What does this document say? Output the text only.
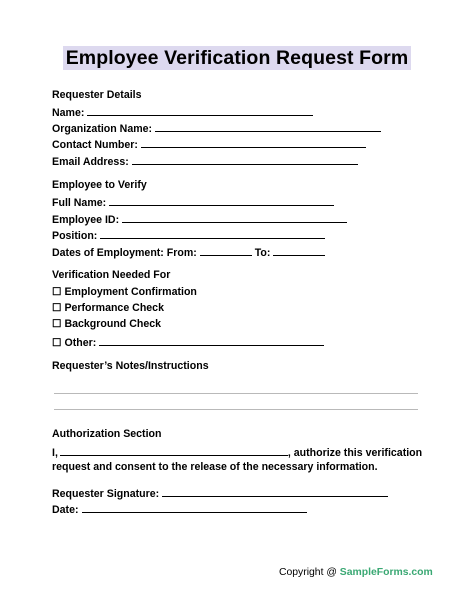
Employee Verification Request Form
Requester Details
Name:
Organization Name:
Contact Number:
Email Address:
Employee to Verify
Full Name:
Employee ID:
Position:
Dates of Employment: From:	To:
Verification Needed For
☐ Employment Confirmation
☐ Performance Check
☐ Background Check
☐ Other:
Requester’s Notes/Instructions
Authorization Section
I,	, authorize this verification
request and consent to the release of the necessary information.
Requester Signature:
Date:
Copyright @ SampleForms.com
